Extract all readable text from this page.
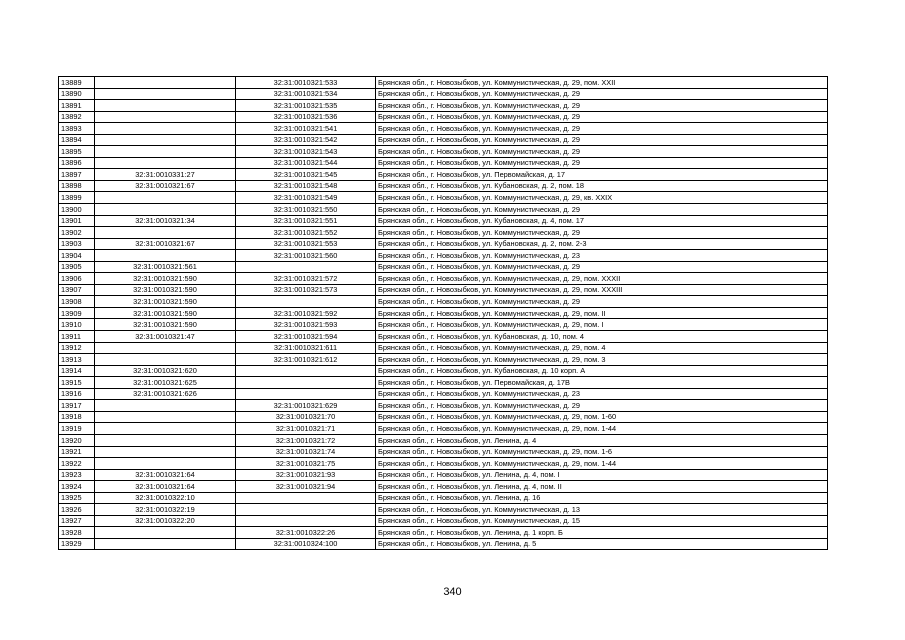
13889		32:31:0010321:533	Брянская обл., г. Новозыбков, ул. Коммунистическая, д. 29, пом. XXII
13890		32:31:0010321:534	Брянская обл., г. Новозыбков, ул. Коммунистическая, д. 29
13891		32:31:0010321:535	Брянская обл., г. Новозыбков, ул. Коммунистическая, д. 29
13892		32:31:0010321:536	Брянская обл., г. Новозыбков, ул. Коммунистическая, д. 29
13893		32:31:0010321:541	Брянская обл., г. Новозыбков, ул. Коммунистическая, д. 29
13894		32:31:0010321:542	Брянская обл., г. Новозыбков, ул. Коммунистическая, д. 29
13895		32:31:0010321:543	Брянская обл., г. Новозыбков, ул. Коммунистическая, д. 29
13896		32:31:0010321:544	Брянская обл., г. Новозыбков, ул. Коммунистическая, д. 29
13897	32:31:0010331:27	32:31:0010321:545	Брянская обл., г. Новозыбков, ул. Первомайская, д. 17
13898	32:31:0010321:67	32:31:0010321:548	Брянская обл., г. Новозыбков, ул. Кубановская, д. 2, пом. 18
13899		32:31:0010321:549	Брянская обл., г. Новозыбков, ул. Коммунистическая, д. 29, кв. XXIX
13900		32:31:0010321:550	Брянская обл., г. Новозыбков, ул. Коммунистическая, д. 29
13901	32:31:0010321:34	32:31:0010321:551	Брянская обл., г. Новозыбков, ул. Кубановская, д. 4, пом. 17
13902		32:31:0010321:552	Брянская обл., г. Новозыбков, ул. Коммунистическая, д. 29
13903	32:31:0010321:67	32:31:0010321:553	Брянская обл., г. Новозыбков, ул. Кубановская, д. 2, пом. 2-3
13904		32:31:0010321:560	Брянская обл., г. Новозыбков, ул. Коммунистическая, д. 23
13905	32:31:0010321:561		Брянская обл., г. Новозыбков, ул. Коммунистическая, д. 29
13906	32:31:0010321:590	32:31:0010321:572	Брянская обл., г. Новозыбков, ул. Коммунистическая, д. 29, пом. XXXII
13907	32:31:0010321:590	32:31:0010321:573	Брянская обл., г. Новозыбков, ул. Коммунистическая, д. 29, пом. XXXIII
13908	32:31:0010321:590		Брянская обл., г. Новозыбков, ул. Коммунистическая, д. 29
13909	32:31:0010321:590	32:31:0010321:592	Брянская обл., г. Новозыбков, ул. Коммунистическая, д. 29, пом. II
13910	32:31:0010321:590	32:31:0010321:593	Брянская обл., г. Новозыбков, ул. Коммунистическая, д. 29, пом. I
13911	32:31:0010321:47	32:31:0010321:594	Брянская обл., г. Новозыбков, ул. Кубановская, д. 10, пом. 4
13912		32:31:0010321:611	Брянская обл., г. Новозыбков, ул. Коммунистическая, д. 29, пом. 4
13913		32:31:0010321:612	Брянская обл., г. Новозыбков, ул. Коммунистическая, д. 29, пом. 3
13914	32:31:0010321:620		Брянская обл., г. Новозыбков, ул. Кубановская, д. 10 корп. А
13915	32:31:0010321:625		Брянская обл., г. Новозыбков, ул. Первомайская, д. 17В
13916	32:31:0010321:626		Брянская обл., г. Новозыбков, ул. Коммунистическая, д. 23
13917		32:31:0010321:629	Брянская обл., г. Новозыбков, ул. Коммунистическая, д. 29
13918		32:31:0010321:70	Брянская обл., г. Новозыбков, ул. Коммунистическая, д. 29, пом. 1-60
13919		32:31:0010321:71	Брянская обл., г. Новозыбков, ул. Коммунистическая, д. 29, пом. 1-44
13920		32:31:0010321:72	Брянская обл., г. Новозыбков, ул. Ленина, д. 4
13921		32:31:0010321:74	Брянская обл., г. Новозыбков, ул. Коммунистическая, д. 29, пом. 1-6
13922		32:31:0010321:75	Брянская обл., г. Новозыбков, ул. Коммунистическая, д. 29, пом. 1-44
13923	32:31:0010321:64	32:31:0010321:93	Брянская обл., г. Новозыбков, ул. Ленина, д. 4, пом. I
13924	32:31:0010321:64	32:31:0010321:94	Брянская обл., г. Новозыбков, ул. Ленина, д. 4, пом. II
13925	32:31:0010322:10		Брянская обл., г. Новозыбков, ул. Ленина, д. 16
13926	32:31:0010322:19		Брянская обл., г. Новозыбков, ул. Коммунистическая, д. 13
13927	32:31:0010322:20		Брянская обл., г. Новозыбков, ул. Коммунистическая, д. 15
13928		32:31:0010322:26	Брянская обл., г. Новозыбков, ул. Ленина, д. 1 корп. Б
13929		32:31:0010324:100	Брянская обл., г. Новозыбков, ул. Ленина, д. 5
340
